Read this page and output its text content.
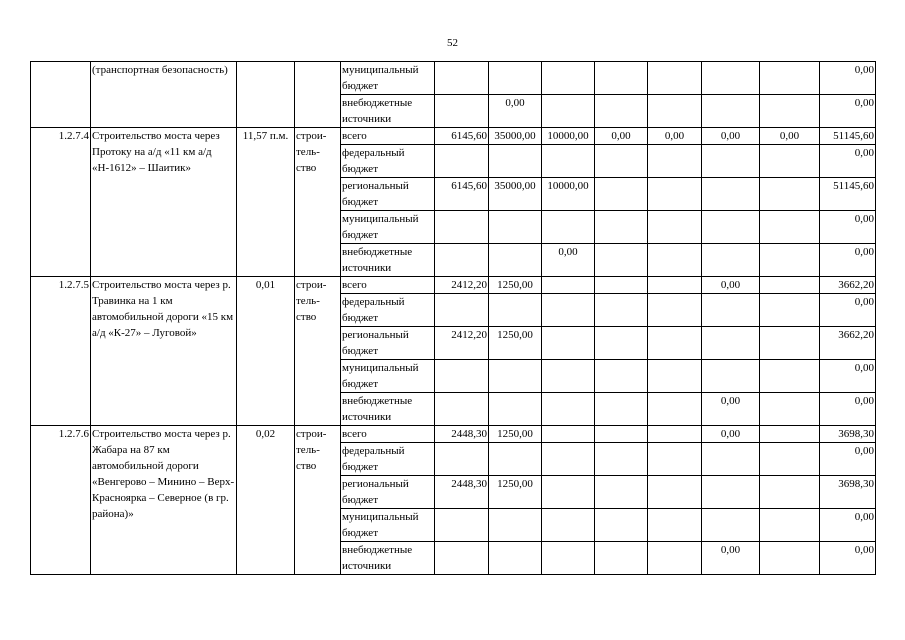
52
	(транспортная безопасность)			муниципальный бюджет								0,00
				внебюджетные источники		0,00						0,00
1.2.7.4	Строительство моста через Протоку на а/д «11 км а/д «Н-1612» – Шаитик»	11,57 п.м.	строи-тель-ство	всего	6145,60	35000,00	10000,00	0,00	0,00	0,00	0,00	51145,60
				федеральный бюджет								0,00
				региональный бюджет	6145,60	35000,00	10000,00					51145,60
				муниципальный бюджет								0,00
				внебюджетные источники			0,00					0,00
1.2.7.5	Строительство моста через р. Травинка на 1 км автомобильной дороги «15 км а/д «К-27» – Луговой»	0,01	строи-тель-ство	всего	2412,20	1250,00				0,00		3662,20
				федеральный бюджет								0,00
				региональный бюджет	2412,20	1250,00						3662,20
				муниципальный бюджет								0,00
				внебюджетные источники						0,00		0,00
1.2.7.6	Строительство моста через р. Жабара на 87 км автомобильной дороги «Венгерово – Минино – Верх-Красноярка – Северное (в гр. района)»	0,02	строи-тель-ство	всего	2448,30	1250,00				0,00		3698,30
				федеральный бюджет								0,00
				региональный бюджет	2448,30	1250,00						3698,30
				муниципальный бюджет								0,00
				внебюджетные источники						0,00		0,00
